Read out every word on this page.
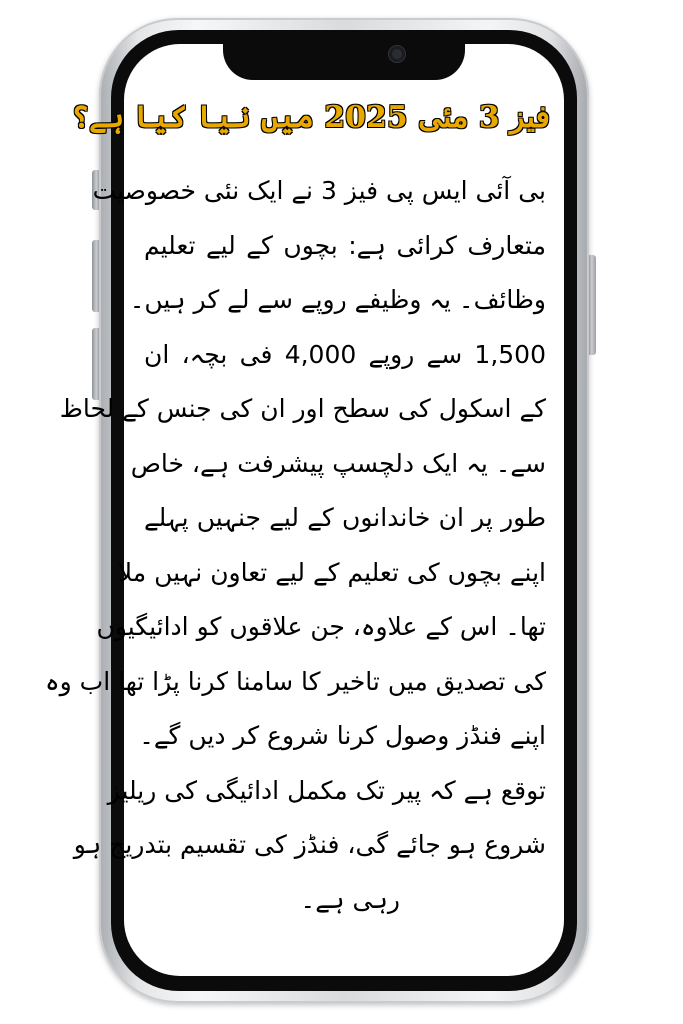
فیز 3 مئی 2025 میں نیا کیا ہے؟
بی آئی ایس پی فیز 3 نے ایک نئی خصوصیت
متعارف کرائی ہے: بچوں کے لیے تعلیم
وظائف۔ یہ وظیفے روپے سے لے کر ہیں۔
1,500 سے روپے 4,000 فی بچہ، ان
کے اسکول کی سطح اور ان کی جنس کے لحاظ
سے۔ یہ ایک دلچسپ پیشرفت ہے، خاص
طور پر ان خاندانوں کے لیے جنہیں پہلے
اپنے بچوں کی تعلیم کے لیے تعاون نہیں ملا
تھا۔ اس کے علاوہ، جن علاقوں کو ادائیگیوں
کی تصدیق میں تاخیر کا سامنا کرنا پڑا تھا اب وہ
اپنے فنڈز وصول کرنا شروع کر دیں گے۔
توقع ہے کہ پیر تک مکمل ادائیگی کی ریلیز
شروع ہو جائے گی، فنڈز کی تقسیم بتدریج ہو
رہی ہے۔
